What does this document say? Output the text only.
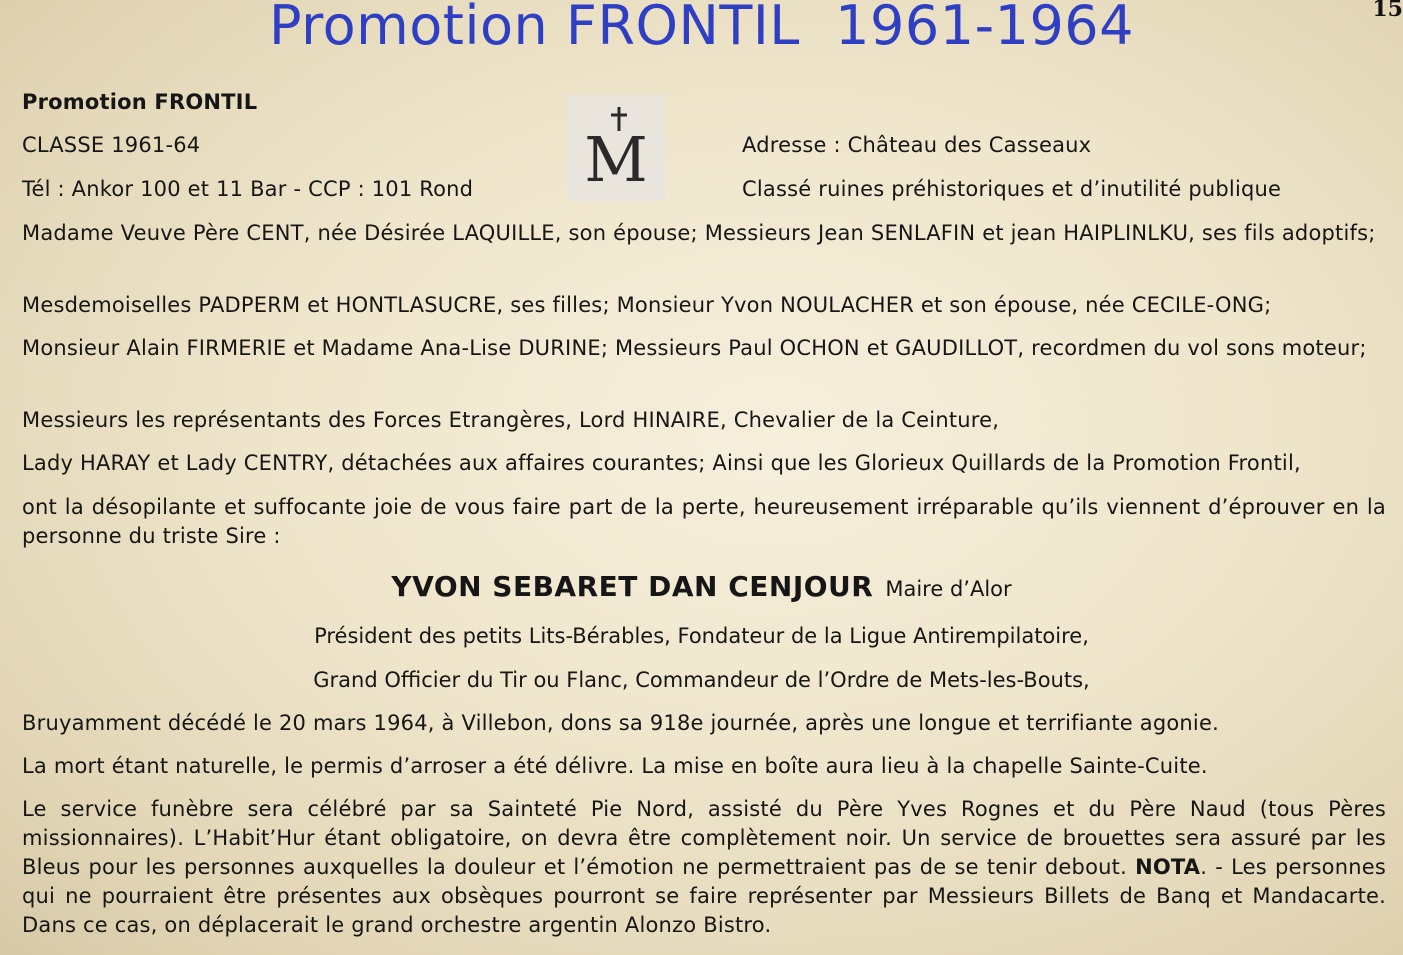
Promotion FRONTIL  1961-1964	15
M
Promotion FRONTIL
CLASSE 1961-64
Tél : Ankor 100 et 11 Bar - CCP : 101 Rond
Adresse : Château des Casseaux
Classé ruines préhistoriques et d’inutilité publique
Madame Veuve Père CENT, née Désirée LAQUILLE, son épouse; Messieurs Jean SENLAFIN et jean HAIPLINLKU, ses fils adoptifs;
Mesdemoiselles PADPERM et HONTLASUCRE, ses filles; Monsieur Yvon NOULACHER et son épouse, née CECILE-ONG;
Monsieur Alain FIRMERIE et Madame Ana-Lise DURINE; Messieurs Paul OCHON et GAUDILLOT, recordmen du vol sons moteur;
Messieurs les représentants des Forces Etrangères, Lord HINAIRE, Chevalier de la Ceinture,
Lady HARAY et Lady CENTRY, détachées aux affaires courantes; Ainsi que les Glorieux Quillards de la Promotion Frontil,
ont la désopilante et suffocante joie de vous faire part de la perte, heureusement irréparable qu’ils viennent d’éprouver en la personne du triste Sire :
YVON SEBARET DAN CENJOUR Maire d’Alor
Président des petits Lits-Bérables, Fondateur de la Ligue Antirempilatoire,
Grand Officier du Tir ou Flanc, Commandeur de l’Ordre de Mets-les-Bouts,
Bruyamment décédé le 20 mars 1964, à Villebon, dons sa 918e journée, après une longue et terrifiante agonie.
La mort étant naturelle, le permis d’arroser a été délivre. La mise en boîte aura lieu à la chapelle Sainte-Cuite.
Le service funèbre sera célébré par sa Sainteté Pie Nord, assisté du Père Yves Rognes et du Père Naud (tous Pères missionnaires). L’Habit’Hur étant obligatoire, on devra être complètement noir. Un service de brouettes sera assuré par les Bleus pour les personnes auxquelles la douleur et l’émotion ne permettraient pas de se tenir debout. NOTA. - Les personnes qui ne pourraient être présentes aux obsèques pourront se faire représenter par Messieurs Billets de Banq et Mandacarte. Dans ce cas, on déplacerait le grand orchestre argentin Alonzo Bistro.
